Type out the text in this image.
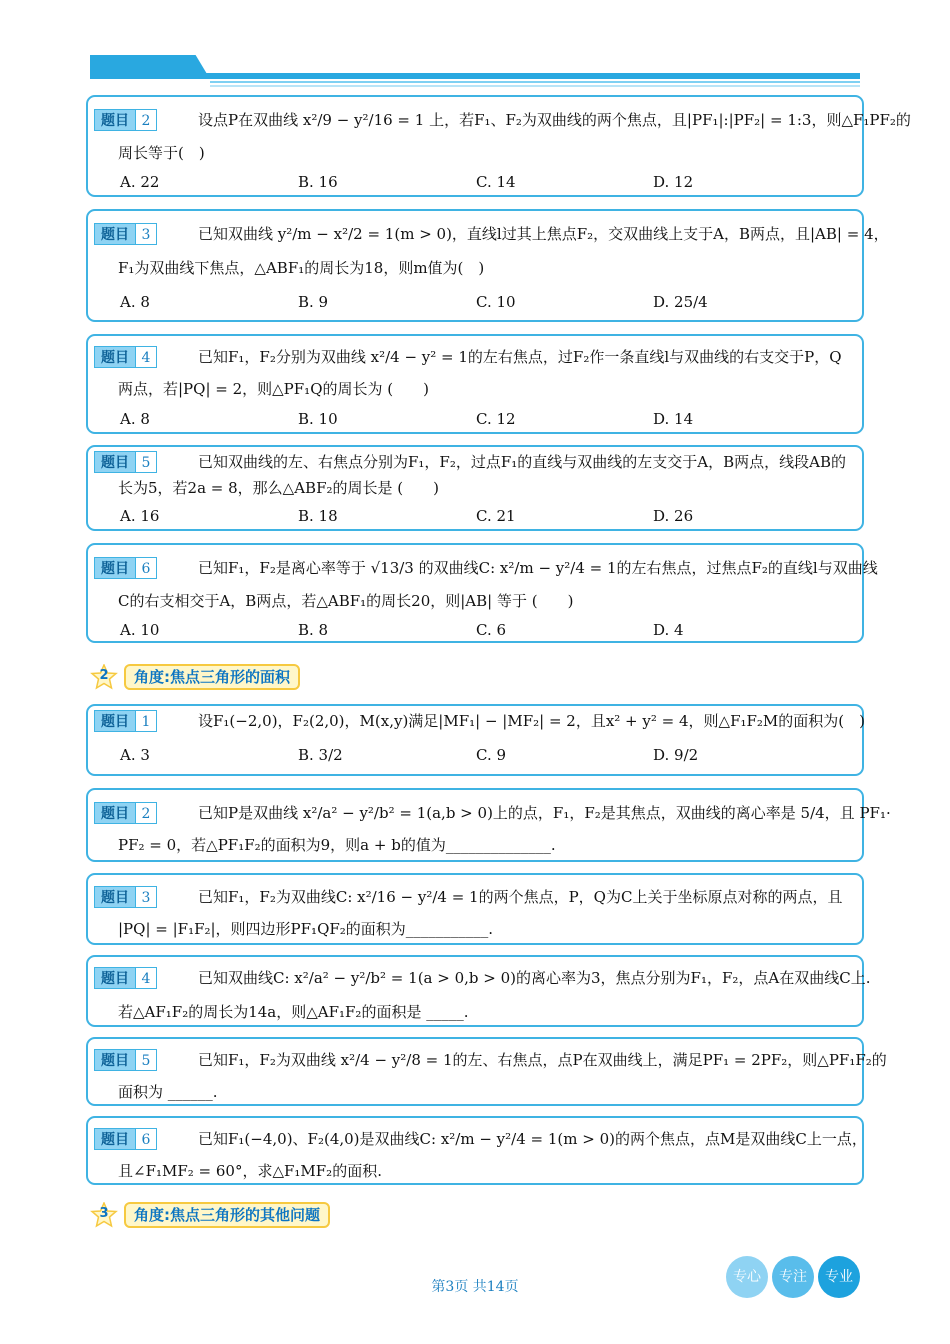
题目 2	设点P在双曲线 x²/9 − y²/16 = 1 上，若F₁、F₂为双曲线的两个焦点，且|PF₁|:|PF₂| = 1:3，则△F₁PF₂的
周长等于(　)
A. 22	B. 16	C. 14	D. 12
题目 3	已知双曲线 y²/m − x²/2 = 1(m > 0)，直线l过其上焦点F₂，交双曲线上支于A，B两点，且|AB| = 4，
F₁为双曲线下焦点，△ABF₁的周长为18，则m值为(　)
A. 8	B. 9	C. 10	D. 25/4
题目 4	已知F₁，F₂分别为双曲线 x²/4 − y² = 1的左右焦点，过F₂作一条直线l与双曲线的右支交于P，Q
两点，若|PQ| = 2，则△PF₁Q的周长为 (　　)
A. 8	B. 10	C. 12	D. 14
题目 5	已知双曲线的左、右焦点分别为F₁，F₂，过点F₁的直线与双曲线的左支交于A，B两点，线段AB的
长为5，若2a = 8，那么△ABF₂的周长是 (　　)
A. 16	B. 18	C. 21	D. 26
题目 6	已知F₁，F₂是离心率等于 √13/3 的双曲线C: x²/m − y²/4 = 1的左右焦点，过焦点F₂的直线l与双曲线
C的右支相交于A，B两点，若△ABF₁的周长20，则|AB| 等于 (　　)
A. 10	B. 8	C. 6	D. 4
2	角度:焦点三角形的面积
题目 1	设F₁(−2,0)，F₂(2,0)，M(x,y)满足|MF₁| − |MF₂| = 2，且x² + y² = 4，则△F₁F₂M的面积为(　)
A. 3	B. 3/2	C. 9	D. 9/2
题目 2	已知P是双曲线 x²/a² − y²/b² = 1(a,b > 0)上的点，F₁，F₂是其焦点，双曲线的离心率是 5/4，且 PF₁·
PF₂ = 0，若△PF₁F₂的面积为9，则a + b的值为______________.
题目 3	已知F₁，F₂为双曲线C: x²/16 − y²/4 = 1的两个焦点，P，Q为C上关于坐标原点对称的两点，且
|PQ| = |F₁F₂|，则四边形PF₁QF₂的面积为___________.
题目 4	已知双曲线C: x²/a² − y²/b² = 1(a > 0,b > 0)的离心率为3，焦点分别为F₁，F₂，点A在双曲线C上.
若△AF₁F₂的周长为14a，则△AF₁F₂的面积是 _____.
题目 5	已知F₁，F₂为双曲线 x²/4 − y²/8 = 1的左、右焦点，点P在双曲线上，满足PF₁ = 2PF₂，则△PF₁F₂的
面积为 ______.
题目 6	已知F₁(−4,0)、F₂(4,0)是双曲线C: x²/m − y²/4 = 1(m > 0)的两个焦点，点M是双曲线C上一点，
且∠F₁MF₂ = 60°，求△F₁MF₂的面积.
3	角度:焦点三角形的其他问题
第3页 共14页
专心	专注	专业
